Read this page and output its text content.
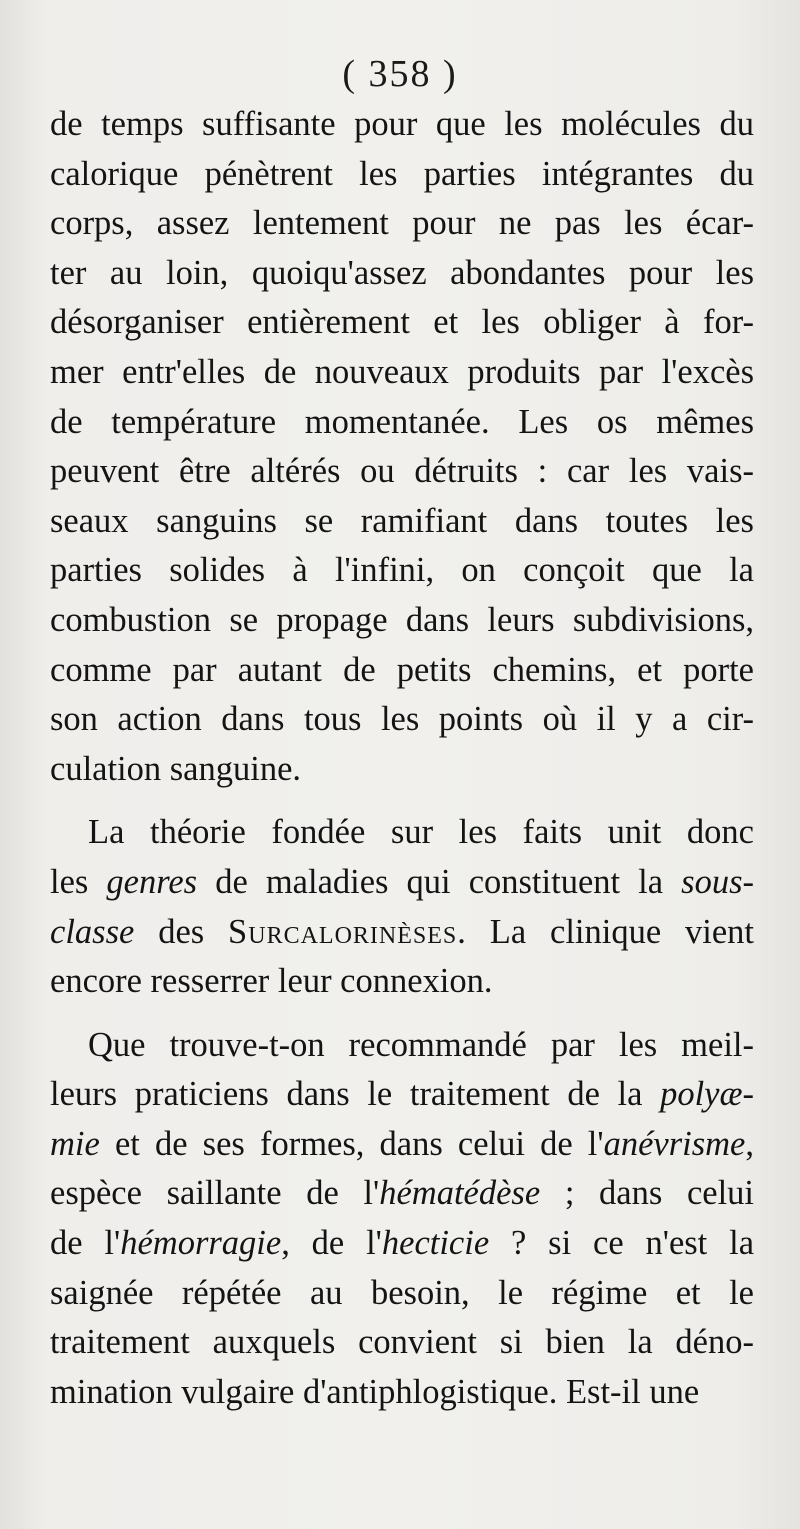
( 358 )
de temps suffisante pour que les molécules du
calorique pénètrent les parties intégrantes du
corps, assez lentement pour ne pas les écar-
ter au loin, quoiqu'assez abondantes pour les
désorganiser entièrement et les obliger à for-
mer entr'elles de nouveaux produits par l'excès
de température momentanée. Les os mêmes
peuvent être altérés ou détruits : car les vais-
seaux sanguins se ramifiant dans toutes les
parties solides à l'infini, on conçoit que la
combustion se propage dans leurs subdivisions,
comme par autant de petits chemins, et porte
son action dans tous les points où il y a cir-
culation sanguine.
La théorie fondée sur les faits unit donc
les genres de maladies qui constituent la sous-
classe des Surcalorinèses. La clinique vient
encore resserrer leur connexion.
Que trouve-t-on recommandé par les meil-
leurs praticiens dans le traitement de la polyæ-
mie et de ses formes, dans celui de l'anévrisme,
espèce saillante de l'hématédèse ; dans celui
de l'hémorragie, de l'hecticie ? si ce n'est la
saignée répétée au besoin, le régime et le
traitement auxquels convient si bien la déno-
mination vulgaire d'antiphlogistique. Est-il une
